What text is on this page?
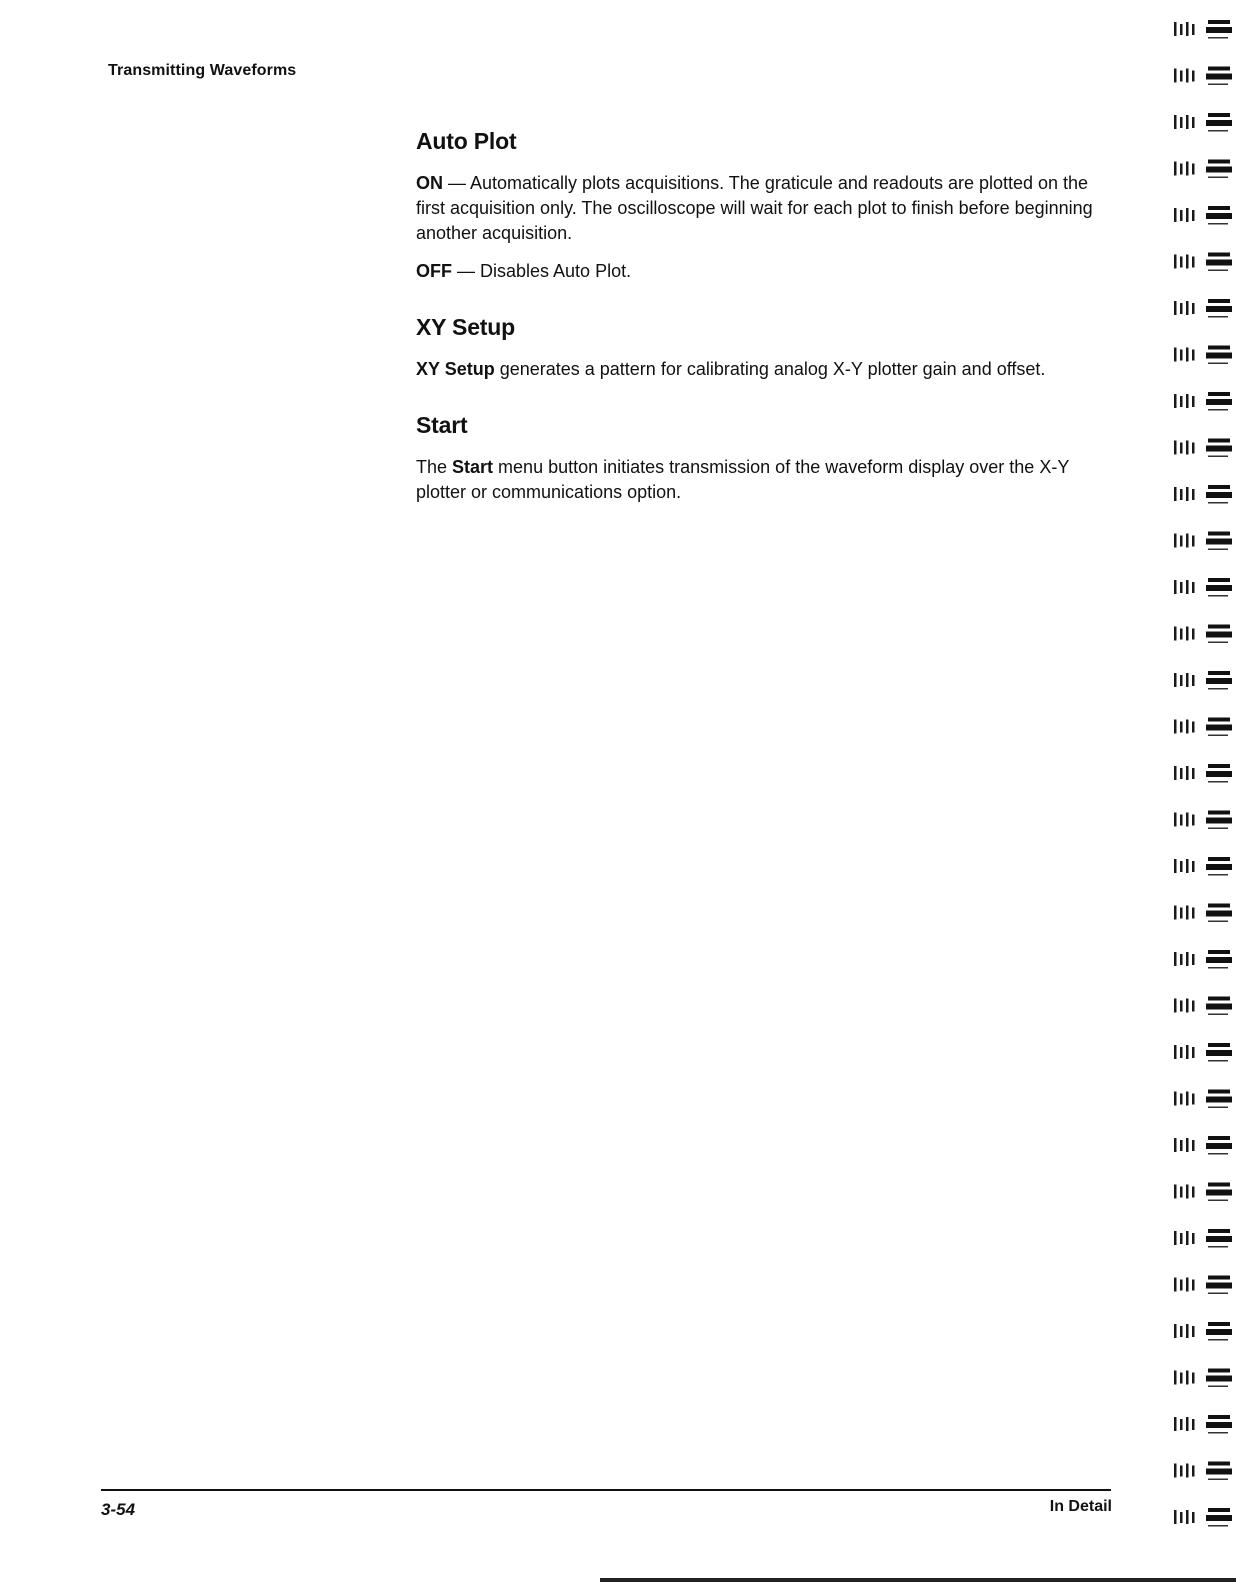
Transmitting Waveforms
Auto Plot

ON — Automatically plots acquisitions. The graticule and readouts are plotted on the first acquisition only. The oscilloscope will wait for each plot to finish before beginning another acquisition.

OFF — Disables Auto Plot.

XY Setup

XY Setup generates a pattern for calibrating analog X-Y plotter gain and offset.

Start

The Start menu button initiates transmission of the waveform display over the X-Y plotter or communications option.

3-54	In Detail
